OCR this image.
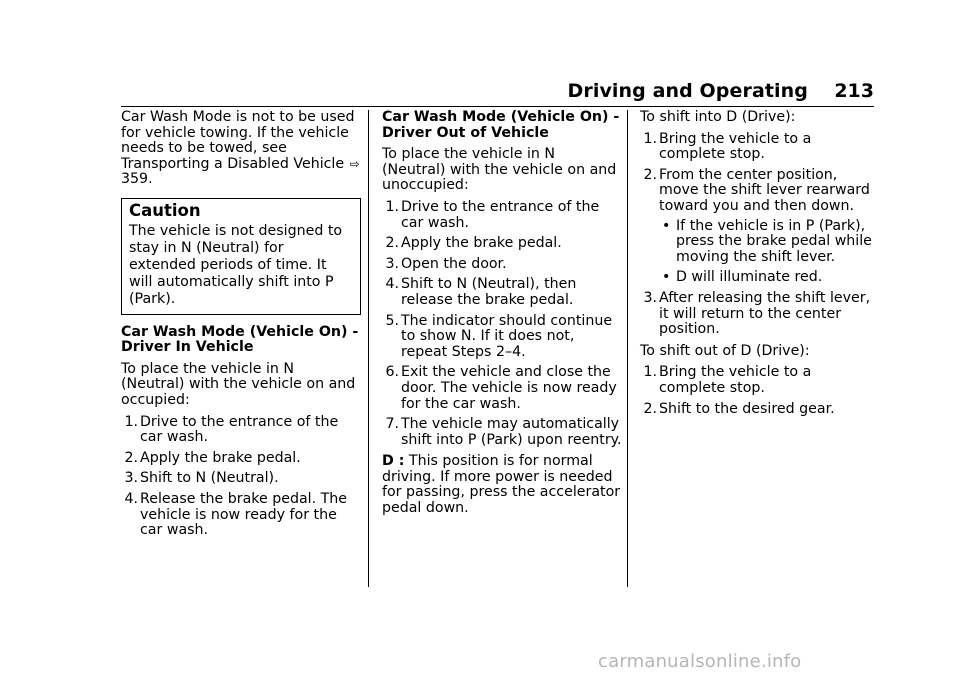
Driving and Operating 213

Car Wash Mode is not to be used for vehicle towing. If the vehicle needs to be towed, see Transporting a Disabled Vehicle ⇨359.

Caution
The vehicle is not designed to stay in N (Neutral) for extended periods of time. It will automatically shift into P (Park).
Car Wash Mode (Vehicle On) - Driver In Vehicle

To place the vehicle in N (Neutral) with the vehicle on and occupied:

1. Drive to the entrance of the car wash.
2. Apply the brake pedal.
3. Shift to N (Neutral).
4. Release the brake pedal. The vehicle is now ready for the car wash.
Car Wash Mode (Vehicle On) - Driver Out of Vehicle

To place the vehicle in N (Neutral) with the vehicle on and unoccupied:

1. Drive to the entrance of the car wash.
2. Apply the brake pedal.
3. Open the door.
4. Shift to N (Neutral), then release the brake pedal.
5. The indicator should continue to show N. If it does not, repeat Steps 2–4.
6. Exit the vehicle and close the door. The vehicle is now ready for the car wash.
7. The vehicle may automatically shift into P (Park) upon reentry.

D : This position is for normal driving. If more power is needed for passing, press the accelerator pedal down.

To shift into D (Drive):

1. Bring the vehicle to a complete stop.
2. From the center position, move the shift lever rearward toward you and then down.
• If the vehicle is in P (Park), press the brake pedal while moving the shift lever.
• D will illuminate red.
3. After releasing the shift lever, it will return to the center position.

To shift out of D (Drive):

1. Bring the vehicle to a complete stop.
2. Shift to the desired gear.
carmanualsonline.info
